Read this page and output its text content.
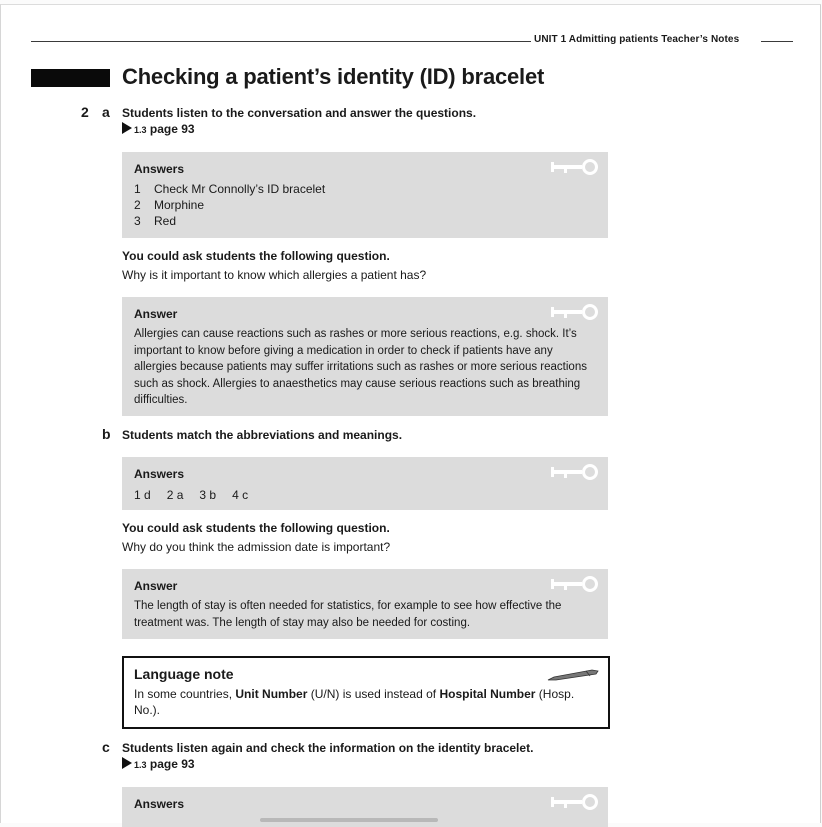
UNIT 1 Admitting patients Teacher’s Notes
Checking a patient’s identity (ID) bracelet
2 a Students listen to the conversation and answer the questions.
1.3 page 93
Answers
1 Check Mr Connolly’s ID bracelet
2 Morphine
3 Red
You could ask students the following question.
Why is it important to know which allergies a patient has?
Answer
Allergies can cause reactions such as rashes or more serious reactions, e.g. shock. It’s important to know before giving a medication in order to check if patients have any allergies because patients may suffer irritations such as rashes or more serious reactions such as shock. Allergies to anaesthetics may cause serious reactions such as breathing difficulties.
b Students match the abbreviations and meanings.
Answers
1 d 2 a 3 b 4 c
You could ask students the following question.
Why do you think the admission date is important?
Answer
The length of stay is often needed for statistics, for example to see how effective the treatment was. The length of stay may also be needed for costing.
Language note
In some countries, Unit Number (U/N) is used instead of Hospital Number (Hosp. No.).
c Students listen again and check the information on the identity bracelet.
1.3 page 93
Answers
